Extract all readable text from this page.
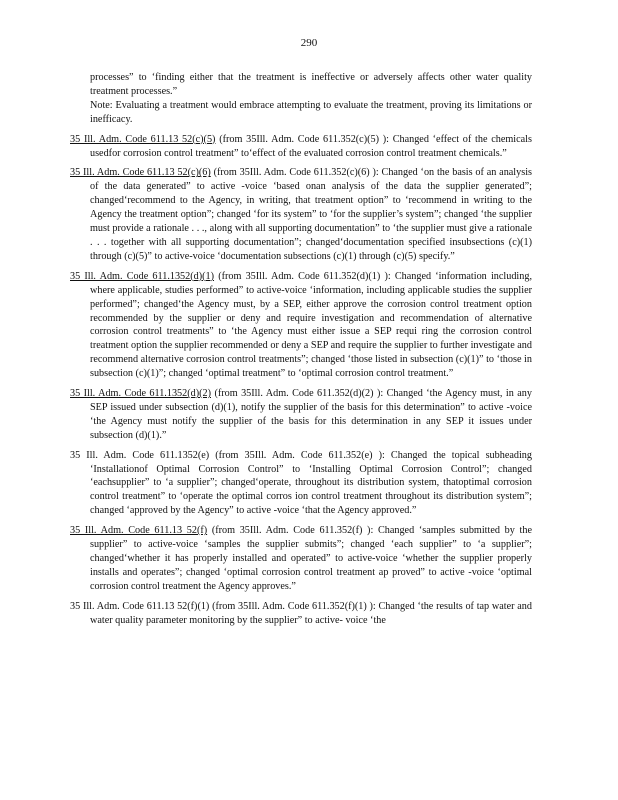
290
processes” to ‘finding either that the treatment is ineffective or adversely affects other water quality treatment processes.”
Note: Evaluating a treatment would embrace attempting to evaluate the treatment, proving its limitations or inefficacy.
35 Ill. Adm. Code 611.13 52(c)(5) (from 35Ill. Adm. Code 611.352(c)(5) ): Changed ‘effect of the chemicals usedfor corrosion control treatment” to‘effect of the evaluated corrosion control treatment chemicals.”
35 Ill. Adm. Code 611.13 52(c)(6) (from 35Ill. Adm. Code 611.352(c)(6) ): Changed ‘on the basis of an analysis of the data generated” to active -voice ‘based onan analysis of the data the supplier generated”; changed‘recommend to the Agency, in writing, that treatment option” to ‘recommend in writing to the Agency the treatment option”; changed ‘for its system” to ‘for the supplier’s system”; changed ‘the supplier must provide a rationale . . ., along with all supporting documentation” to ‘the supplier must give a rationale . . . together with all supporting documentation”; changed‘documentation specified insubsections (c)(1) through (c)(5)” to active-voice ‘documentation subsections (c)(1) through (c)(5) specify.”
35 Ill. Adm. Code 611.1352(d)(1) (from 35Ill. Adm. Code 611.352(d)(1) ): Changed ‘information including, where applicable, studies performed” to active-voice ‘information, including applicable studies the supplier performed”; changed‘the Agency must, by a SEP, either approve the corrosion control treatment option recommended by the supplier or deny and require investigation and recommendation of alternative corrosion control treatments” to ‘the Agency must either issue a SEP requi ring the corrosion control treatment option the supplier recommended or deny a SEP and require the supplier to further investigate and recommend alternative corrosion control treatments”; changed ‘those listed in subsection (c)(1)” to ‘those in subsection (c)(1)”; changed ‘optimal treatment” to ‘optimal corrosion control treatment.”
35 Ill. Adm. Code 611.1352(d)(2) (from 35Ill. Adm. Code 611.352(d)(2) ): Changed ‘the Agency must, in any SEP issued under subsection (d)(1), notify the supplier of the basis for this determination” to active -voice ‘the Agency must notify the supplier of the basis for this determination in any SEP it issues under subsection (d)(1).”
35 Ill. Adm. Code 611.1352(e) (from 35Ill. Adm. Code 611.352(e) ): Changed the topical subheading ‘Installationof Optimal Corrosion Control” to ‘Installing Optimal Corrosion Control”; changed ‘eachsupplier” to ‘a supplier”; changed‘operate, throughout its distribution system, thatoptimal corrosion control treatment” to ‘operate the optimal corros ion control treatment throughout its distribution system”; changed ‘approved by the Agency” to active -voice ‘that the Agency approved.”
35 Ill. Adm. Code 611.13 52(f) (from 35Ill. Adm. Code 611.352(f) ): Changed ‘samples submitted by the supplier” to active-voice ‘samples the supplier submits”; changed ‘each supplier” to ‘a supplier”; changed‘whether it has properly installed and operated” to active-voice ‘whether the supplier properly installs and operates”; changed ‘optimal corrosion control treatment ap proved” to active -voice ‘optimal corrosion control treatment the Agency approves.”
35 Ill. Adm. Code 611.13 52(f)(1) (from 35Ill. Adm. Code 611.352(f)(1) ): Changed ‘the results of tap water and water quality parameter monitoring by the supplier” to active- voice ‘the
